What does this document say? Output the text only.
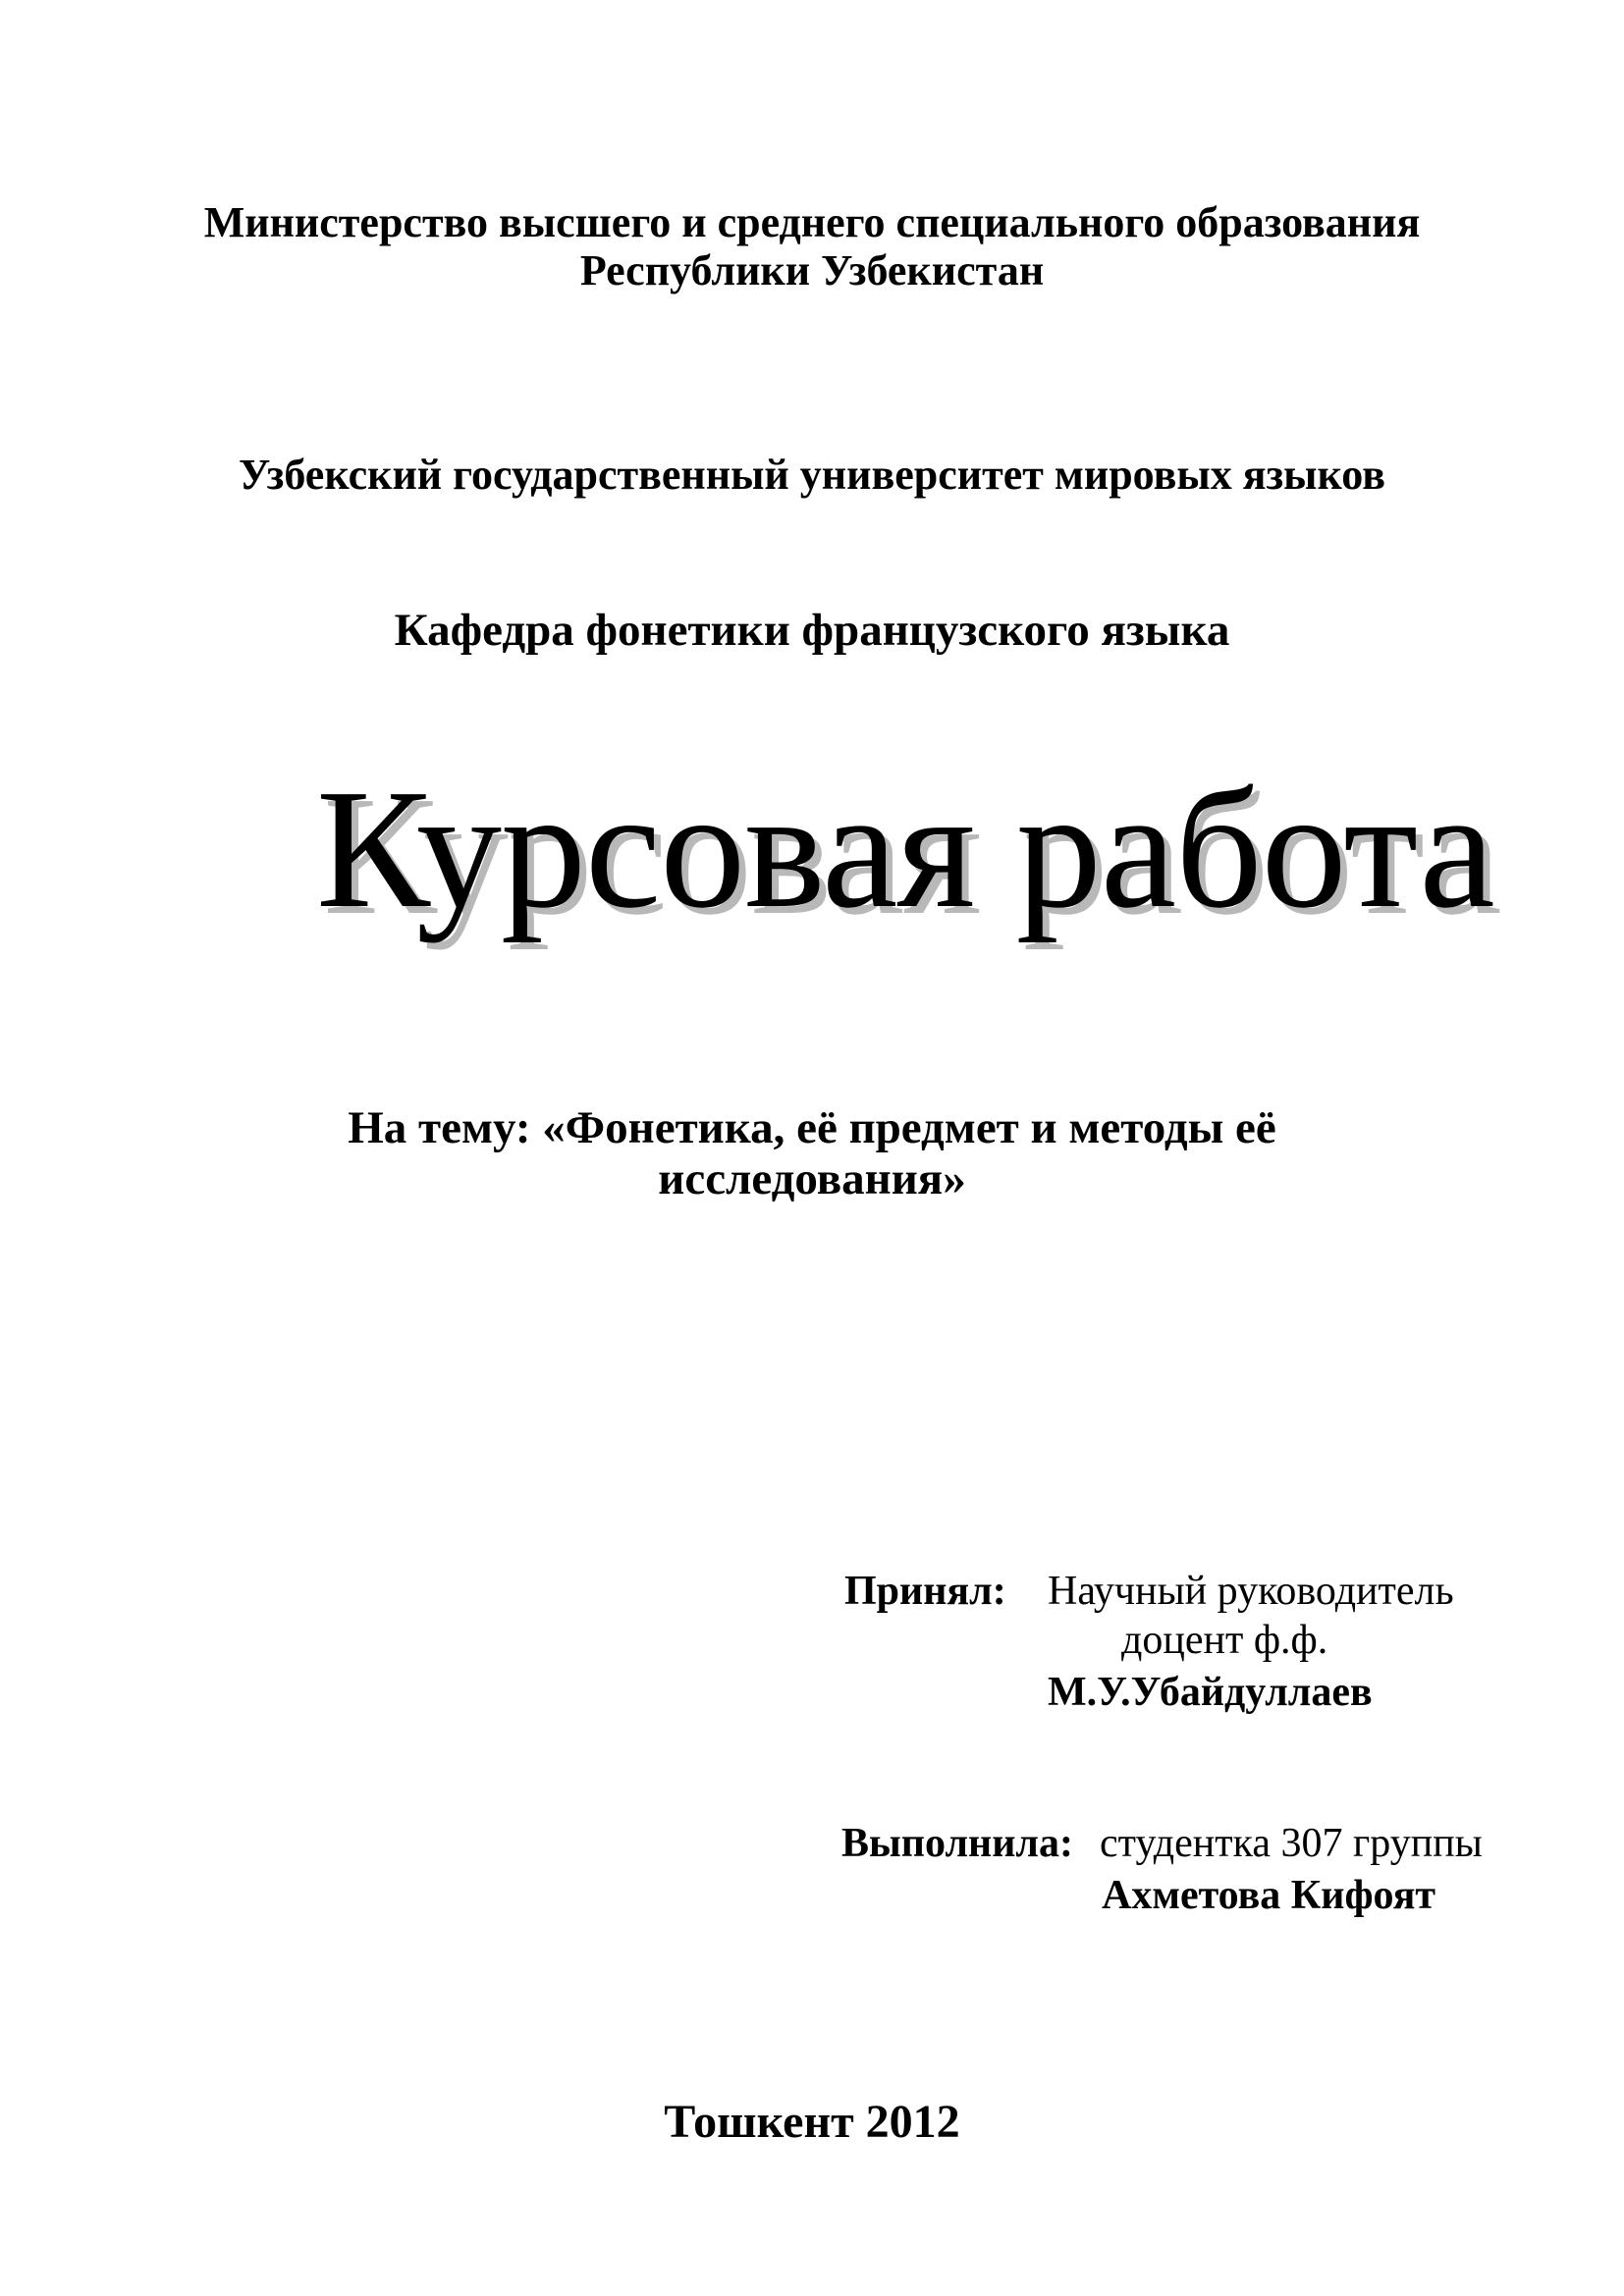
Министерство высшего и среднего специального образования
Республики Узбекистан
Узбекский государственный университет мировых языков
Кафедра фонетики французского языка
Курсовая работа
На тему: «Фонетика, её предмет и методы её
исследования»
Принял: Научный руководитель
доцент ф.ф.
М.У.Убайдуллаев
Выполнила: студентка 307 группы
Ахметова Кифоят
Тошкент 2012
